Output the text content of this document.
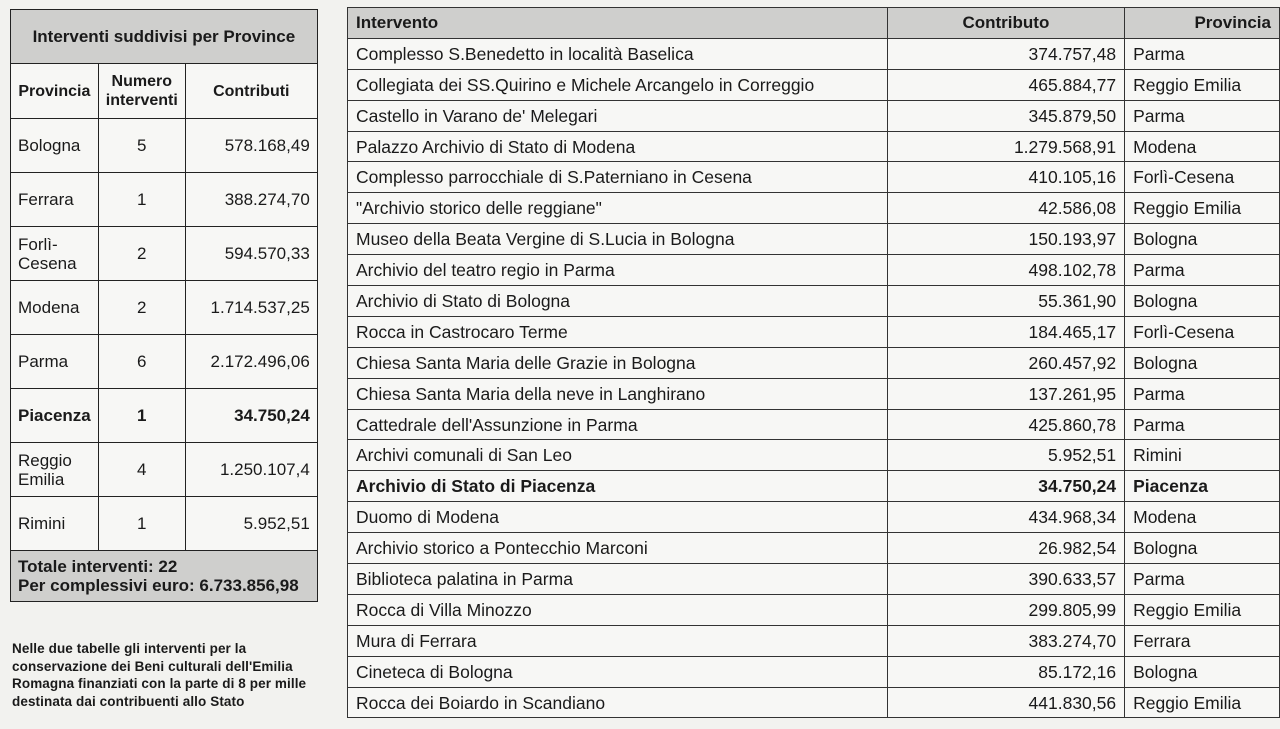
Interventi suddivisi per Province		
Provincia	Numero interventi	Contributi
Bologna	5	578.168,49
Ferrara	1	388.274,70
Forlì-Cesena	2	594.570,33
Modena	2	1.714.537,25
Parma	6	2.172.496,06
Piacenza	1	34.750,24
Reggio Emilia	4	1.250.107,4
Rimini	1	5.952,51

Totale interventi: 22
Per complessivi euro: 6.733.856,98		
Nelle due tabelle gli interventi per la conservazione dei Beni culturali dell'Emilia Romagna finanziati con la parte di 8 per mille destinata dai contribuenti allo Stato
Intervento	Contributo	Provincia
Complesso S.Benedetto in località Baselica	374.757,48	Parma
Collegiata dei SS.Quirino e Michele Arcangelo in Correggio	465.884,77	Reggio Emilia
Castello in Varano de' Melegari	345.879,50	Parma
Palazzo Archivio di Stato di Modena	1.279.568,91	Modena
Complesso parrocchiale di S.Paterniano in Cesena	410.105,16	Forlì-Cesena
"Archivio storico delle reggiane"	42.586,08	Reggio Emilia
Museo della Beata Vergine di S.Lucia in Bologna	150.193,97	Bologna
Archivio del teatro regio in Parma	498.102,78	Parma
Archivio di Stato di Bologna	55.361,90	Bologna
Rocca in Castrocaro Terme	184.465,17	Forlì-Cesena
Chiesa Santa Maria delle Grazie in Bologna	260.457,92	Bologna
Chiesa Santa Maria della neve in Langhirano	137.261,95	Parma
Cattedrale dell'Assunzione in Parma	425.860,78	Parma
Archivi comunali di San Leo	5.952,51	Rimini
Archivio di Stato di Piacenza	34.750,24	Piacenza
Duomo di Modena	434.968,34	Modena
Archivio storico a Pontecchio Marconi	26.982,54	Bologna
Biblioteca palatina in Parma	390.633,57	Parma
Rocca di Villa Minozzo	299.805,99	Reggio Emilia
Mura di Ferrara	383.274,70	Ferrara
Cineteca di Bologna	85.172,16	Bologna
Rocca dei Boiardo in Scandiano	441.830,56	Reggio Emilia
